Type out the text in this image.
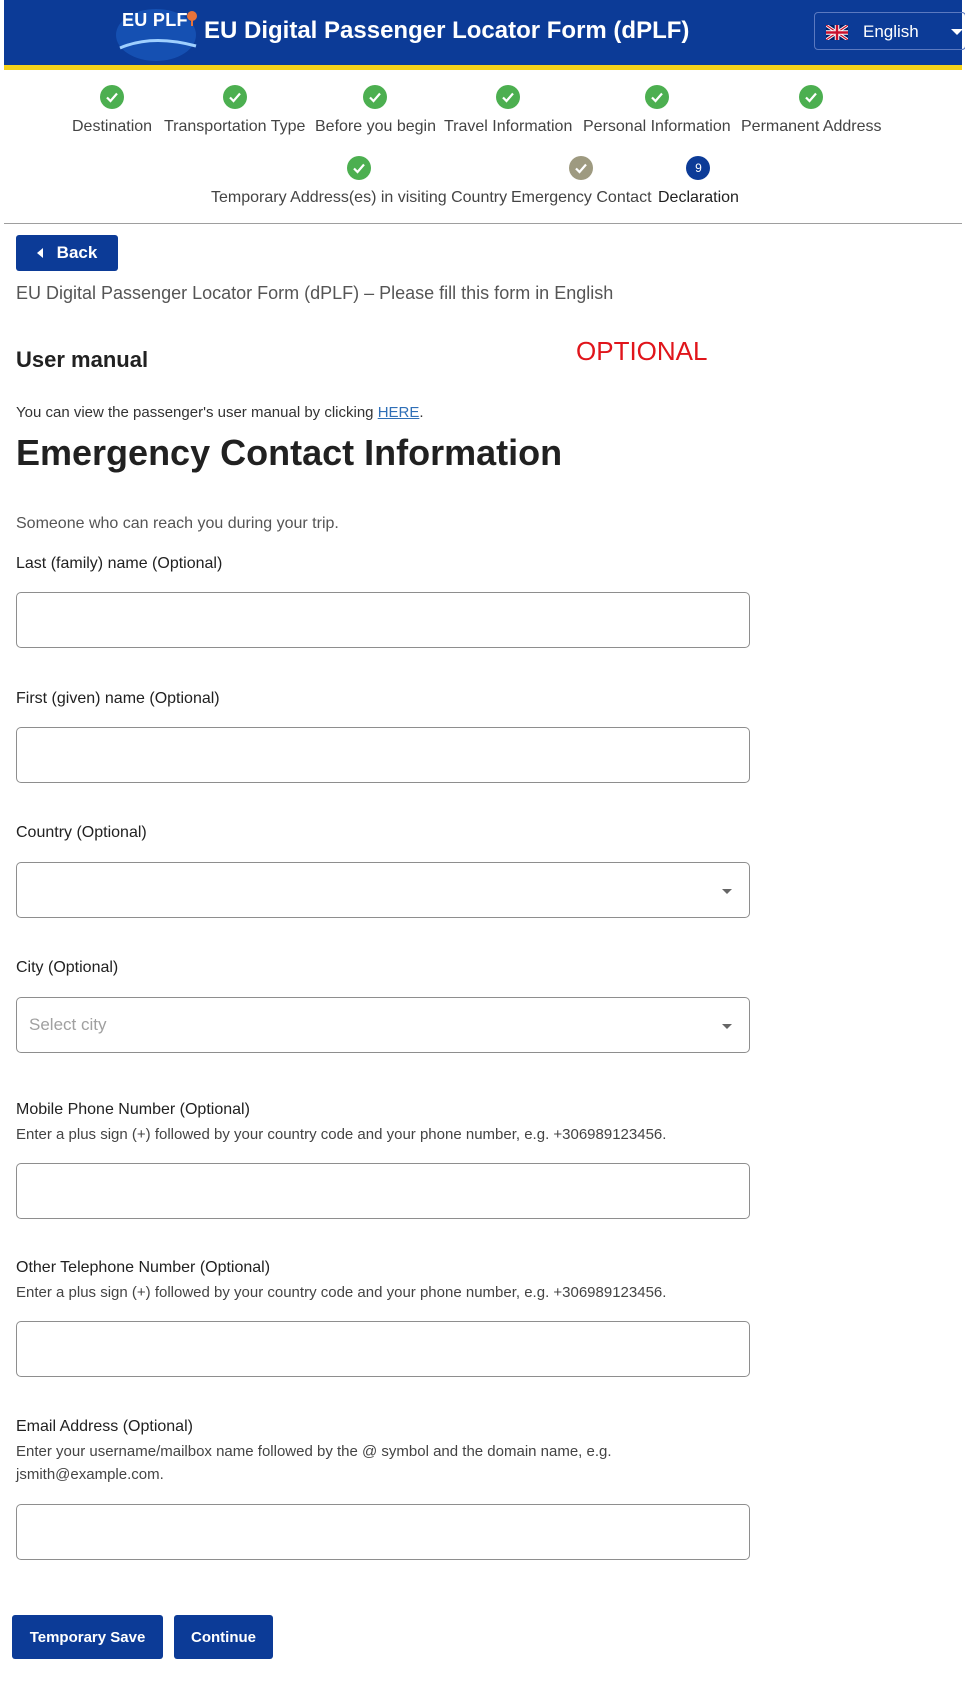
EU PLF EU Digital Passenger Locator Form (dPLF)	English
Destination Transportation Type Before you begin Travel Information Personal Information Permanent Address
Temporary Address(es) in visiting Country Emergency Contact
9
Declaration
Back
EU Digital Passenger Locator Form (dPLF) – Please fill this form in English
OPTIONAL
User manual
You can view the passenger's user manual by clicking HERE.
Emergency Contact Information
Someone who can reach you during your trip.
Last (family) name (Optional)
First (given) name (Optional)
Country (Optional)
City (Optional)
Select city
Mobile Phone Number (Optional)
Enter a plus sign (+) followed by your country code and your phone number, e.g. +306989123456.
Other Telephone Number (Optional)
Enter a plus sign (+) followed by your country code and your phone number, e.g. +306989123456.
Email Address (Optional)
Enter your username/mailbox name followed by the @ symbol and the domain name, e.g. jsmith@example.com.
Temporary Save	Continue
